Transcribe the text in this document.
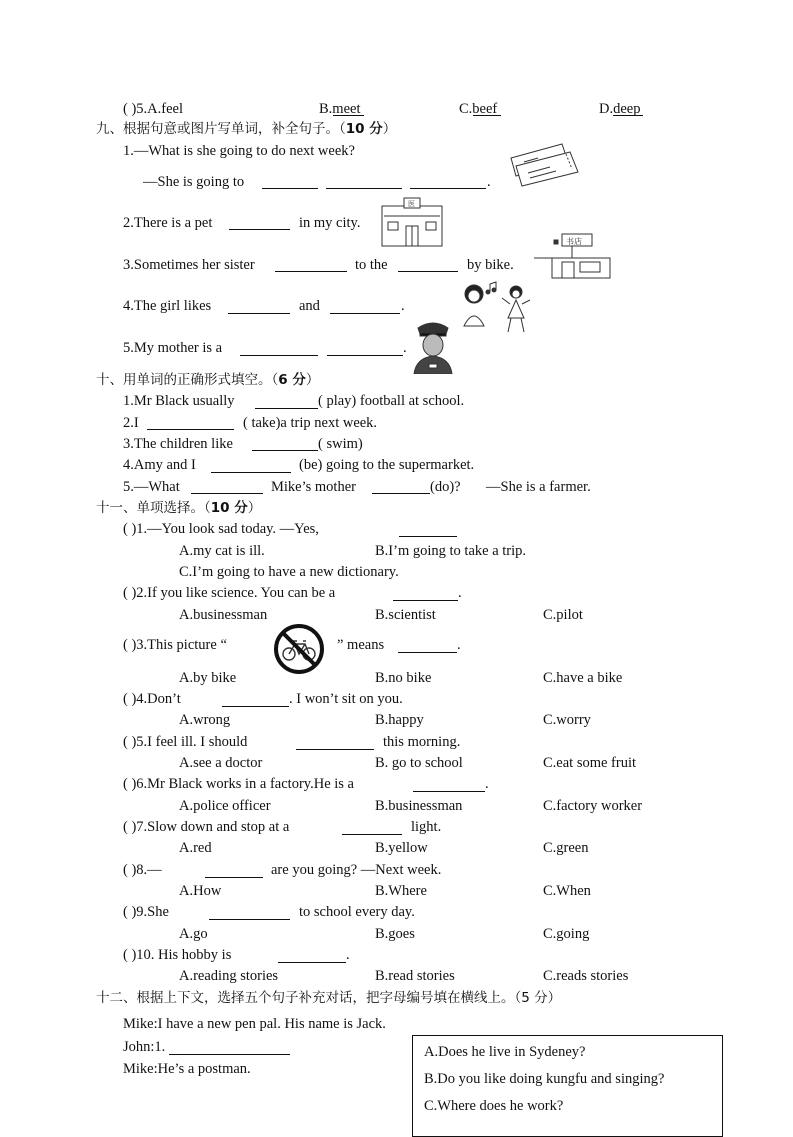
( )5.A.feel	B.meet	C.beef	D.deep
九、根据句意或图片写单词，补全句子。（10 分）
1.—What is she going to do next week?
—She is going to	.
2.There is a pet	in my city.
医
3.Sometimes her sister	to the	by bike.
书店
4.The girl likes	and	.
5.My mother is a	.
十、用单词的正确形式填空。（6 分）
1.Mr Black usually	( play) football at school.
2.I	( take)a trip next week.
3.The children like	( swim)
4.Amy and I	(be) going to the supermarket.
5.—What	Mike’s mother	(do)? —She is a farmer.
十一、单项选择。（10 分）
( )1.—You look sad today. —Yes,
A.my cat is ill.	B.I’m going to take a trip.
C.I’m going to have a new dictionary.
( )2.If you like science. You can be a	.
A.businessman	B.scientist	C.pilot
( )3.This picture “	” means	.
A.by bike	B.no bike	C.have a bike
( )4.Don’t	. I won’t sit on you.
A.wrong	B.happy	C.worry
( )5.I feel ill. I should	this morning.
A.see a doctor	B. go to school	C.eat some fruit
( )6.Mr Black works in a factory.He is a	.
A.police officer	B.businessman	C.factory worker
( )7.Slow down and stop at a	light.
A.red	B.yellow	C.green
( )8.—	are you going? —Next week.
A.How	B.Where	C.When
( )9.She	to school every day.
A.go	B.goes	C.going
( )10. His hobby is	.
A.reading stories	B.read stories	C.reads stories
十二、根据上下文，选择五个句子补充对话，把字母编号填在横线上。（5 分）
Mike:I have a new pen pal. His name is Jack.
John:1.
Mike:He’s a postman.
A.Does he live in Sydeney?
B.Do you like doing kungfu and singing?
C.Where does he work?
